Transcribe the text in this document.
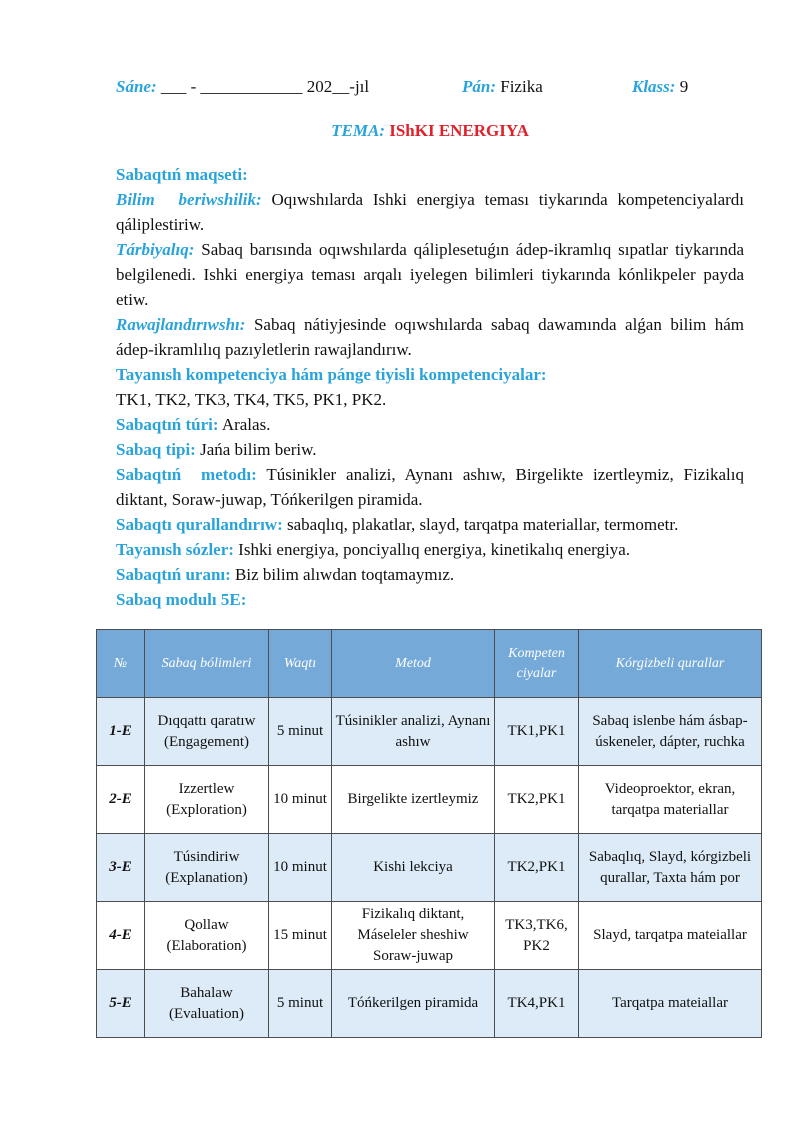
Sáne: ___ - ____________ 202__-jıl	Pán: Fizika	Klass: 9
TEMA: IShKI ENERGIYA

Sabaqtıń maqseti:

Bilim beriwshilik: Oqıwshılarda Ishki energiya teması tiykarında kompetenciyalardı qáliplestiriw.

Tárbiyalıq: Sabaq barısında oqıwshılarda qáliplesetuǵın ádep-ikramlıq sıpatlar tiykarında belgilenedi. Ishki energiya teması arqalı iyelegen bilimleri tiykarında kónlikpeler payda etiw.

Rawajlandırıwshı: Sabaq nátiyjesinde oqıwshılarda sabaq dawamında alǵan bilim hám ádep-ikramlılıq pazıyletlerin rawajlandırıw.

Tayanısh kompetenciya hám pánge tiyisli kompetenciyalar:

TK1, TK2, TK3, TK4, TK5, PK1, PK2.

Sabaqtıń túri: Aralas.

Sabaq tipi: Jańa bilim beriw.

Sabaqtıń metodı: Túsinikler analizi, Aynanı ashıw, Birgelikte izertleymiz, Fizikalıq diktant, Soraw-juwap, Tóńkerilgen piramida.

Sabaqtı qurallandırıw: sabaqlıq, plakatlar, slayd, tarqatpa materiallar, termometr.

Tayanısh sózler: Ishki energiya, ponciyallıq energiya, kinetikalıq energiya.

Sabaqtıń uranı: Biz bilim alıwdan toqtamaymız.

Sabaq modulı 5E:

№	Sabaq bólimleri	Waqtı	Metod	Kompeten ciyalar	Kórgizbeli qurallar
1-E	Dıqqattı qaratıw (Engagement)	5 minut	Túsinikler analizi, Aynanı ashıw	TK1,PK1	Sabaq islenbe hám ásbap-úskeneler, dápter, ruchka
2-E	Izzertlew (Exploration)	10 minut	Birgelikte izertleymiz	TK2,PK1	Videoproektor, ekran, tarqatpa materiallar
3-E	Túsindiriw (Explanation)	10 minut	Kishi lekciya	TK2,PK1	Sabaqlıq, Slayd, kórgizbeli qurallar, Taxta hám por
4-E	Qollaw (Elaboration)	15 minut	Fizikalıq diktant, Máseleler sheshiw Soraw-juwap	TK3,TK6, PK2	Slayd, tarqatpa mateiallar
5-E	Bahalaw (Evaluation)	5 minut	Tóńkerilgen piramida	TK4,PK1	Tarqatpa mateiallar
